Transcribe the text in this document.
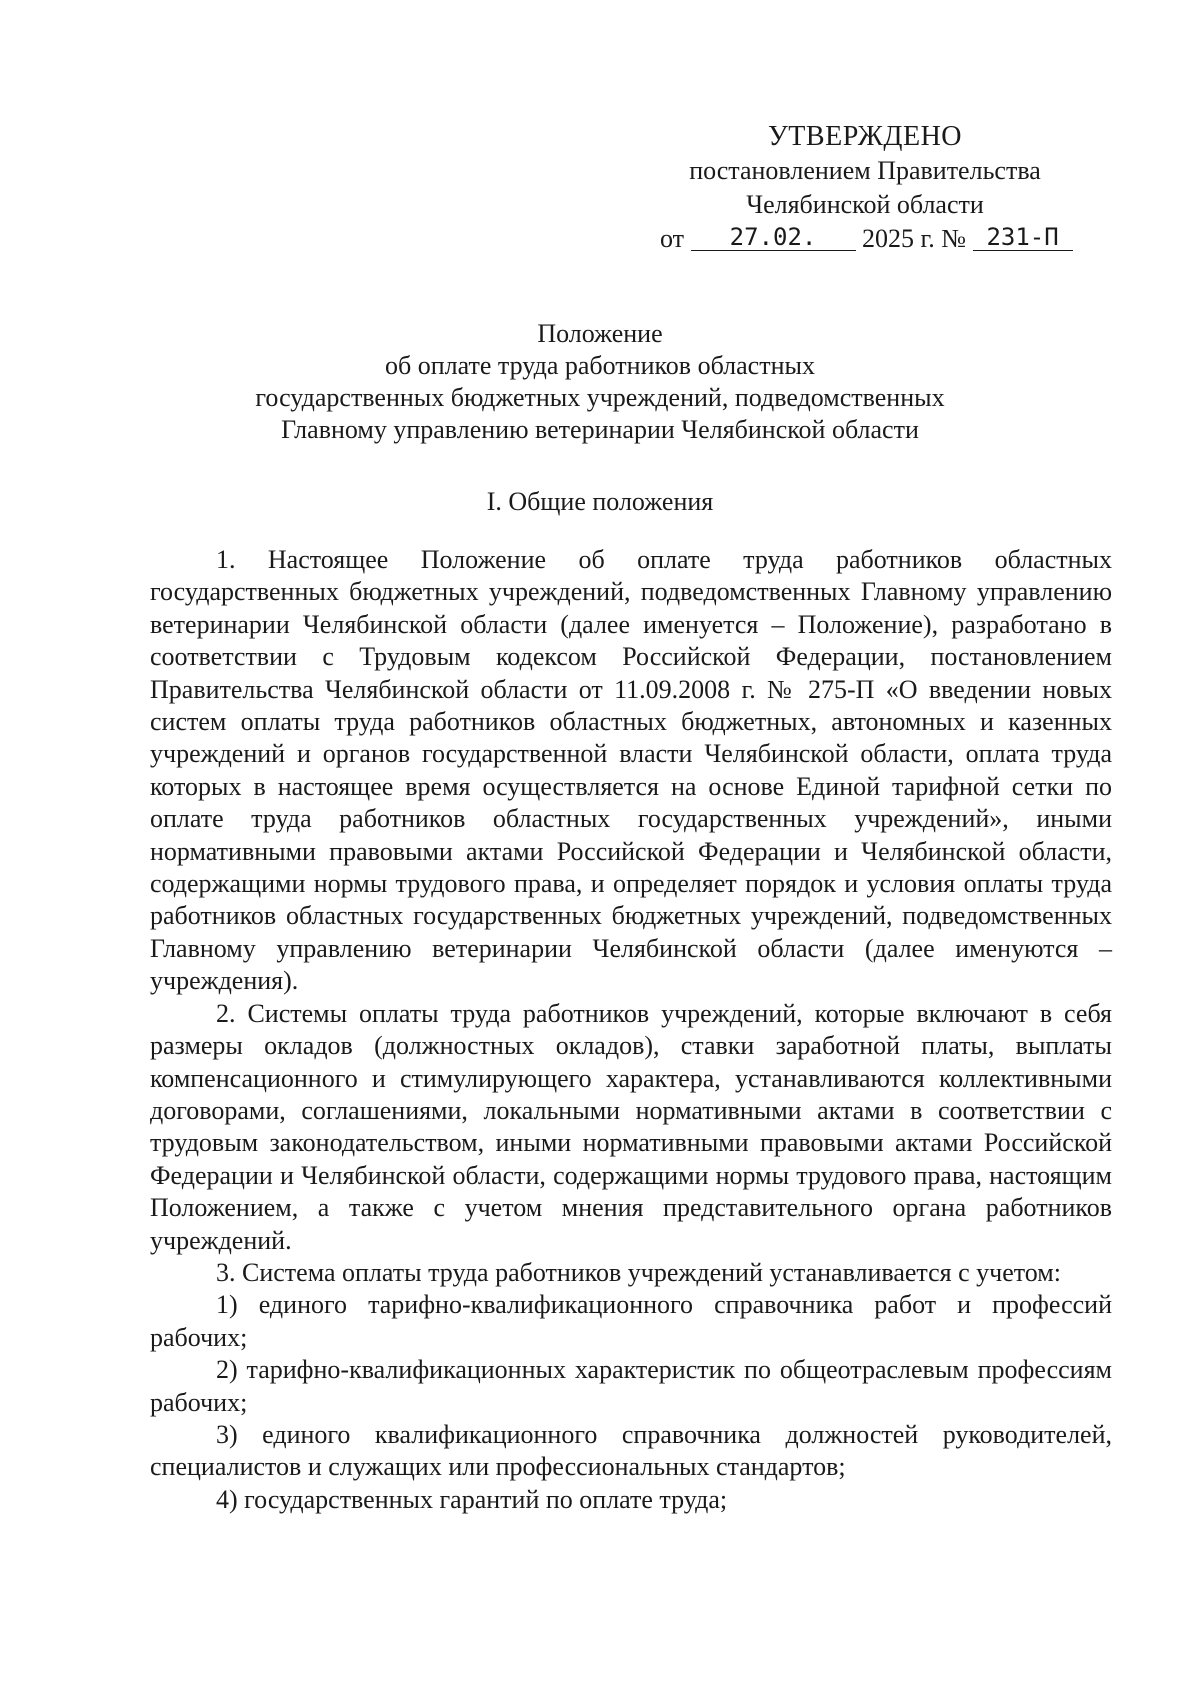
УТВЕРЖДЕНО
постановлением Правительства
Челябинской области
от 27.02. 2025 г. № 231-П
Положение
об оплате труда работников областных
государственных бюджетных учреждений, подведомственных
Главному управлению ветеринарии Челябинской области
I. Общие положения

1. Настоящее Положение об оплате труда работников областных государственных бюджетных учреждений, подведомственных Главному управлению ветеринарии Челябинской области (далее именуется – Положение), разработано в соответствии с Трудовым кодексом Российской Федерации, постановлением Правительства Челябинской области от 11.09.2008 г. № 275-П «О введении новых систем оплаты труда работников областных бюджетных, автономных и казенных учреждений и органов государственной власти Челябинской области, оплата труда которых в настоящее время осуществляется на основе Единой тарифной сетки по оплате труда работников областных государственных учреждений», иными нормативными правовыми актами Российской Федерации и Челябинской области, содержащими нормы трудового права, и определяет порядок и условия оплаты труда работников областных государственных бюджетных учреждений, подведомственных Главному управлению ветеринарии Челябинской области (далее именуются – учреждения).

2. Системы оплаты труда работников учреждений, которые включают в себя размеры окладов (должностных окладов), ставки заработной платы, выплаты компенсационного и стимулирующего характера, устанавливаются коллективными договорами, соглашениями, локальными нормативными актами в соответствии с трудовым законодательством, иными нормативными правовыми актами Российской Федерации и Челябинской области, содержащими нормы трудового права, настоящим Положением, а также с учетом мнения представительного органа работников учреждений.

3. Система оплаты труда работников учреждений устанавливается с учетом:

1) единого тарифно-квалификационного справочника работ и профессий рабочих;

2) тарифно-квалификационных характеристик по общеотраслевым профессиям рабочих;

3) единого квалификационного справочника должностей руководителей, специалистов и служащих или профессиональных стандартов;

4) государственных гарантий по оплате труда;
